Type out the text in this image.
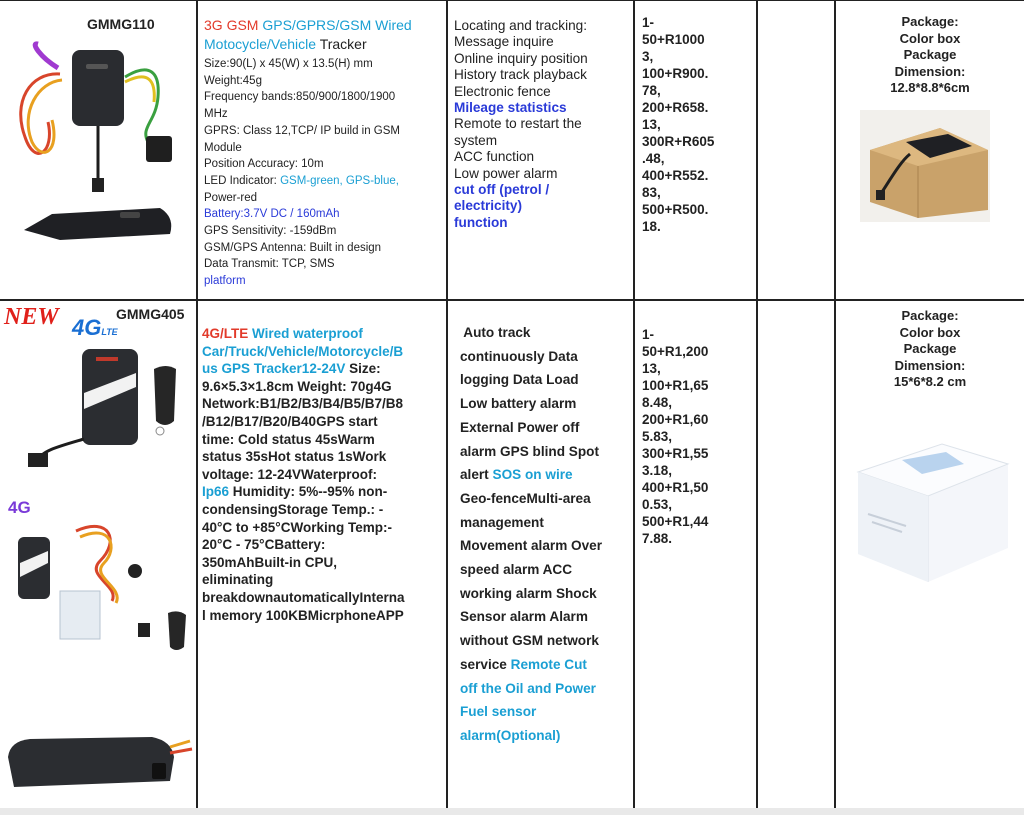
GMMG110	3G GSM GPS/GPRS/GSM Wired
Motocycle/Vehicle Tracker
Size:90(L) x 45(W) x 13.5(H) mm
Weight:45g
Frequency bands:850/900/1800/1900
MHz
GPRS: Class 12,TCP/ IP build in GSM
Module
Position Accuracy: 10m
LED Indicator: GSM-green, GPS-blue,
Power-red
Battery:3.7V DC / 160mAh
GPS Sensitivity: -159dBm
GSM/GPS Antenna: Built in design
Data Transmit: TCP, SMS
platform
Locating and tracking:
Message inquire
Online inquiry position
History track playback
Electronic fence
Mileage statistics
Remote to restart the
system
ACC function
Low power alarm
cut off (petrol /
electricity)
function
1-
50+R1000
3,
100+R900.
78,
200+R658.
13,
300R+R605
.48,
400+R552.
83,
500+R500.
18.
Package:
Color box
Package
Dimension:
12.8*8.8*6cm
NEW 4GLTE
GMMG405
4G
4G/LTE Wired waterproof
Car/Truck/Vehicle/Motorcycle/B
us GPS Tracker12-24V Size:
9.6×5.3×1.8cm Weight: 70g4G
Network:B1/B2/B3/B4/B5/B7/B8
/B12/B17/B20/B40GPS start
time: Cold status 45sWarm
status 35sHot status 1sWork
voltage: 12-24VWaterproof:
Ip66 Humidity: 5%--95% non-
condensingStorage Temp.: -
40°C to +85°CWorking Temp:-
20°C - 75°CBattery:
350mAhBuilt-in CPU,
eliminating
breakdownautomaticallyInterna
l memory 100KBMicrphoneAPP
Auto track
continuously Data
logging Data Load
Low battery alarm
External Power off
alarm GPS blind Spot
alert SOS on wire
Geo-fenceMulti-area
management
Movement alarm Over
speed alarm ACC
working alarm Shock
Sensor alarm Alarm
without GSM network
service Remote Cut
off the Oil and Power
Fuel sensor
alarm(Optional)
1-
50+R1,200
13,
100+R1,65
8.48,
200+R1,60
5.83,
300+R1,55
3.18,
400+R1,50
0.53,
500+R1,44
7.88.
Package:
Color box
Package
Dimension:
15*6*8.2 cm
